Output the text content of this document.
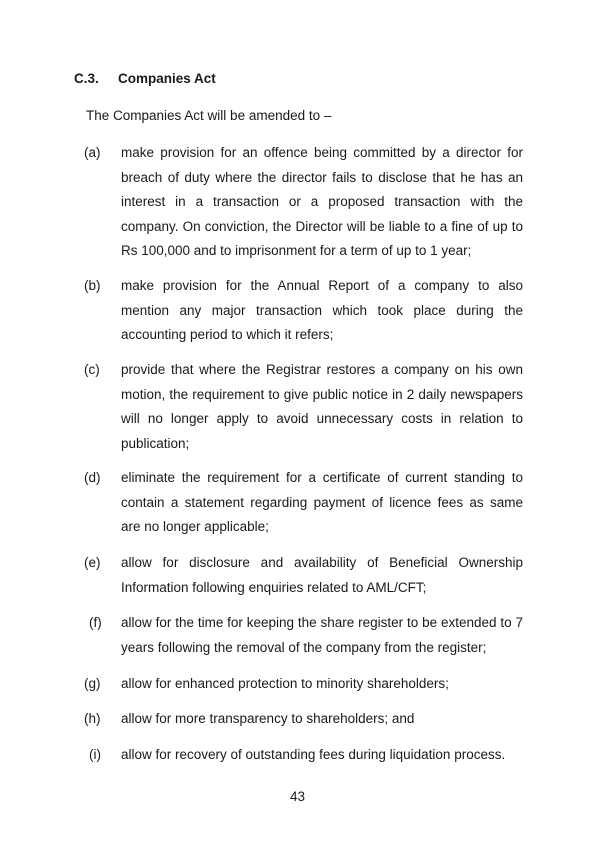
C.3. Companies Act
The Companies Act will be amended to –
(a)	make provision for an offence being committed by a director for breach of duty where the director fails to disclose that he has an interest in a transaction or a proposed transaction with the company. On conviction, the Director will be liable to a fine of up to Rs 100,000 and to imprisonment for a term of up to 1 year;
(b)	make provision for the Annual Report of a company to also mention any major transaction which took place during the accounting period to which it refers;
(c)	provide that where the Registrar restores a company on his own motion, the requirement to give public notice in 2 daily newspapers will no longer apply to avoid unnecessary costs in relation to publication;
(d)	eliminate the requirement for a certificate of current standing to contain a statement regarding payment of licence fees as same are no longer applicable;
(e)	allow for disclosure and availability of Beneficial Ownership Information following enquiries related to AML/CFT;
(f)	allow for the time for keeping the share register to be extended to 7 years following the removal of the company from the register;
(g)	allow for enhanced protection to minority shareholders;
(h)	allow for more transparency to shareholders; and
(i)	allow for recovery of outstanding fees during liquidation process.
43
